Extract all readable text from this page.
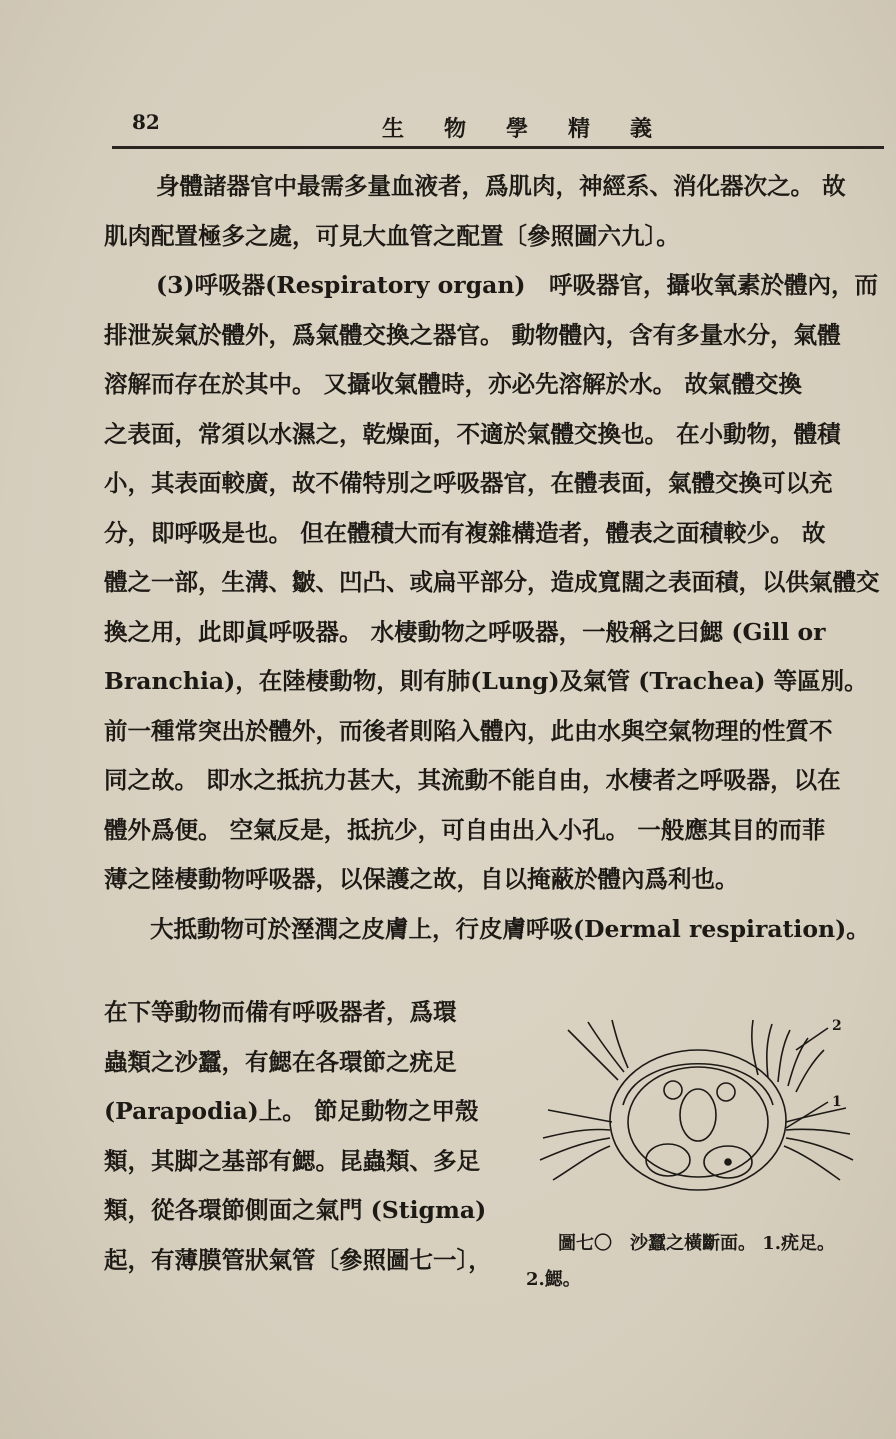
82	生物學精義
身體諸器官中最需多量血液者，爲肌肉，神經系、消化器次之。 故
肌肉配置極多之處，可見大血管之配置〔參照圖六九〕。
(3)呼吸器(Respiratory organ)　呼吸器官，攝收氧素於體內，而
排泄炭氣於體外，爲氣體交換之器官。 動物體內，含有多量水分，氣體
溶解而存在於其中。 又攝收氣體時，亦必先溶解於水。 故氣體交換
之表面，常須以水濕之，乾燥面，不適於氣體交換也。 在小動物，體積
小，其表面較廣，故不備特別之呼吸器官，在體表面，氣體交換可以充
分，即呼吸是也。 但在體積大而有複雜構造者，體表之面積較少。 故
體之一部，生溝、皺、凹凸、或扁平部分，造成寬闊之表面積，以供氣體交
換之用，此即眞呼吸器。 水棲動物之呼吸器，一般稱之曰鰓 (Gill or
Branchia)，在陸棲動物，則有肺(Lung)及氣管 (Trachea) 等區別。
前一種常突出於體外，而後者則陷入體內，此由水與空氣物理的性質不
同之故。 即水之抵抗力甚大，其流動不能自由，水棲者之呼吸器，以在
體外爲便。 空氣反是，抵抗少，可自由出入小孔。 一般應其目的而菲
薄之陸棲動物呼吸器，以保護之故，自以掩蔽於體內爲利也。
大抵動物可於溼潤之皮膚上，行皮膚呼吸(Dermal respiration)。
在下等動物而備有呼吸器者，爲環
蟲類之沙蠶，有鰓在各環節之疣足
(Parapodia)上。 節足動物之甲殼
類，其脚之基部有鰓。昆蟲類、多足
類，從各環節側面之氣門 (Stigma)
起，有薄膜管狀氣管〔參照圖七一〕，
1
2
圖七〇　沙蠶之橫斷面。 1.疣足。
2.鰓。
